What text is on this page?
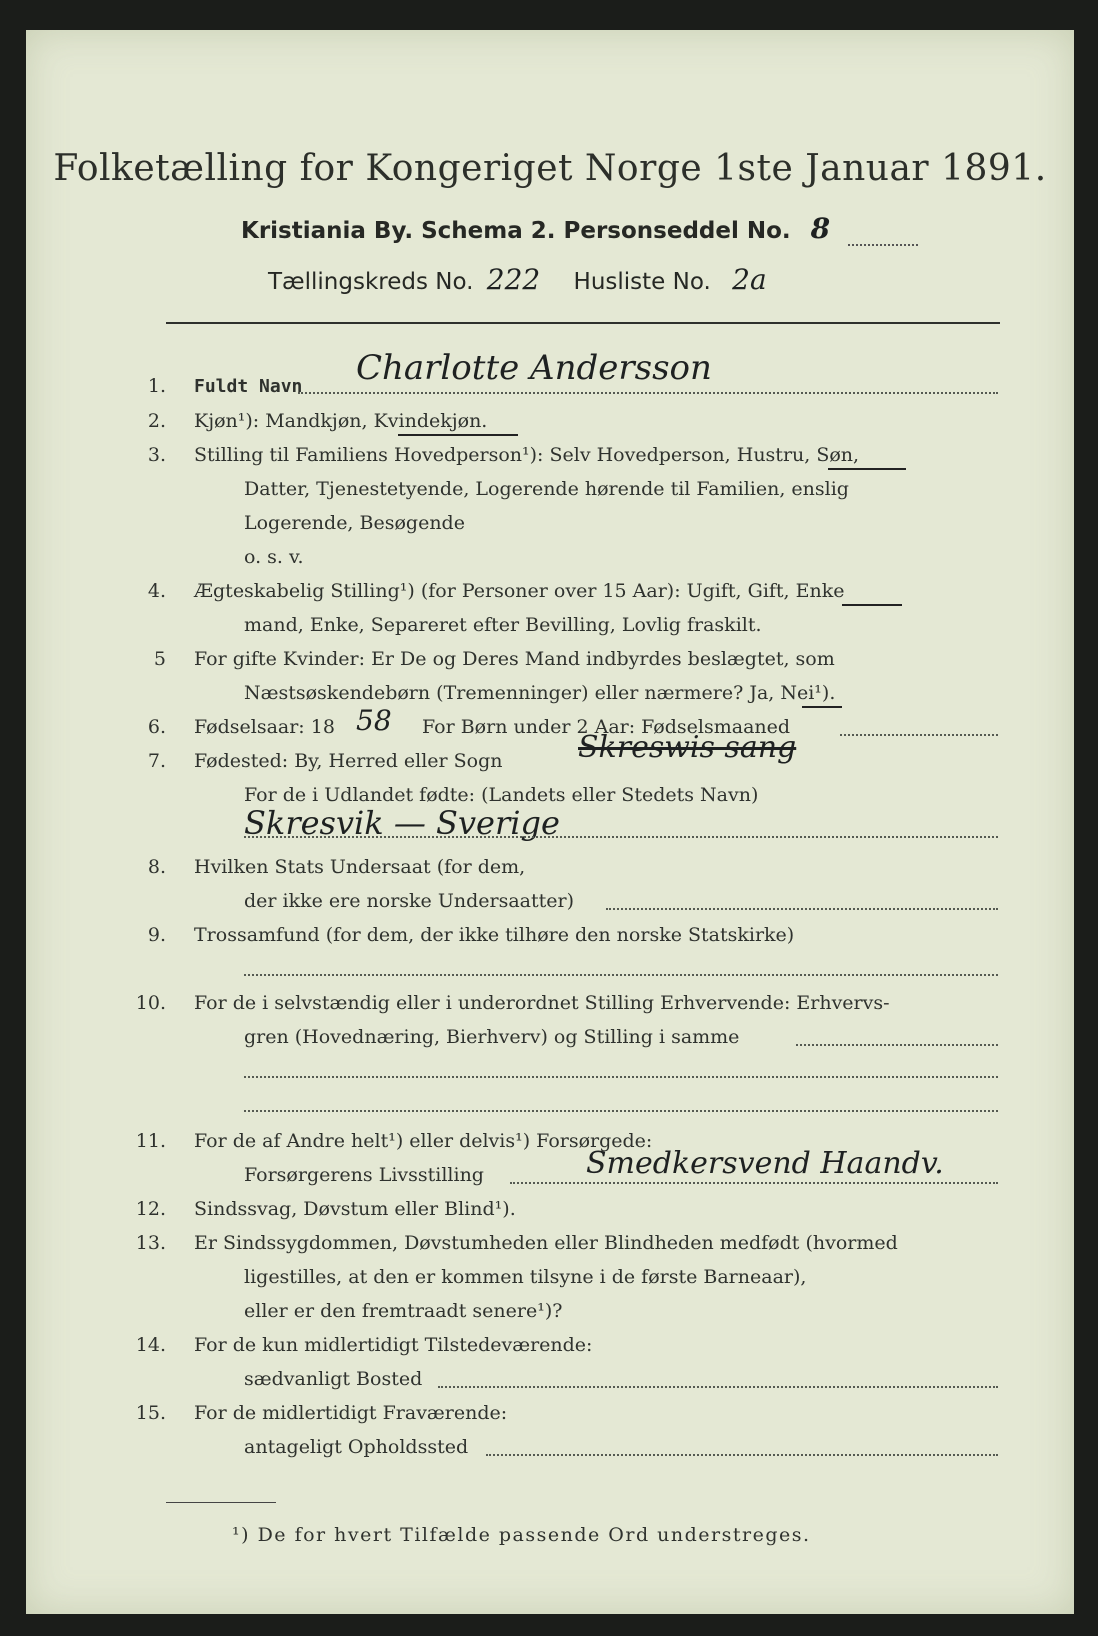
Folketælling for Kongeriget Norge 1ste Januar 1891.
Kristiania By. Schema 2. Personseddel No. 8
Tællingskreds No. 222 Husliste No. 2a
1. Fuldt Navn Charlotte Andersson
2. Kjøn¹): Mandkjøn, Kvindekjøn.
3. Stilling til Familiens Hovedperson¹): Selv Hovedperson, Hustru, Søn,
Datter, Tjenestetyende, Logerende hørende til Familien, enslig
Logerende, Besøgende
o. s. v.
4. Ægteskabelig Stilling¹) (for Personer over 15 Aar): Ugift, Gift, Enke
mand, Enke, Separeret efter Bevilling, Lovlig fraskilt.
5 For gifte Kvinder: Er De og Deres Mand indbyrdes beslægtet, som
Næstsøskendebørn (Tremenninger) eller nærmere? Ja, Nei¹).
6. Fødselsaar: 18 58 For Børn under 2 Aar: Fødselsmaaned
7. Fødested: By, Herred eller Sogn	Skreswis sang
For de i Udlandet fødte: (Landets eller Stedets Navn)
Skresvik — Sverige
8. Hvilken Stats Undersaat (for dem,
der ikke ere norske Undersaatter)
9. Trossamfund (for dem, der ikke tilhøre den norske Statskirke)
10. For de i selvstændig eller i underordnet Stilling Erhvervende: Erhvervs-
gren (Hovednæring, Bierhverv) og Stilling i samme
11. For de af Andre helt¹) eller delvis¹) Forsørgede:
Forsørgerens Livsstilling	Smedkersvend Haandv.
12. Sindssvag, Døvstum eller Blind¹).
13. Er Sindssygdommen, Døvstumheden eller Blindheden medfødt (hvormed
ligestilles, at den er kommen tilsyne i de første Barneaar),
eller er den fremtraadt senere¹)?
14. For de kun midlertidigt Tilstedeværende:
sædvanligt Bosted
15. For de midlertidigt Fraværende:
antageligt Opholdssted
¹) De for hvert Tilfælde passende Ord understreges.
